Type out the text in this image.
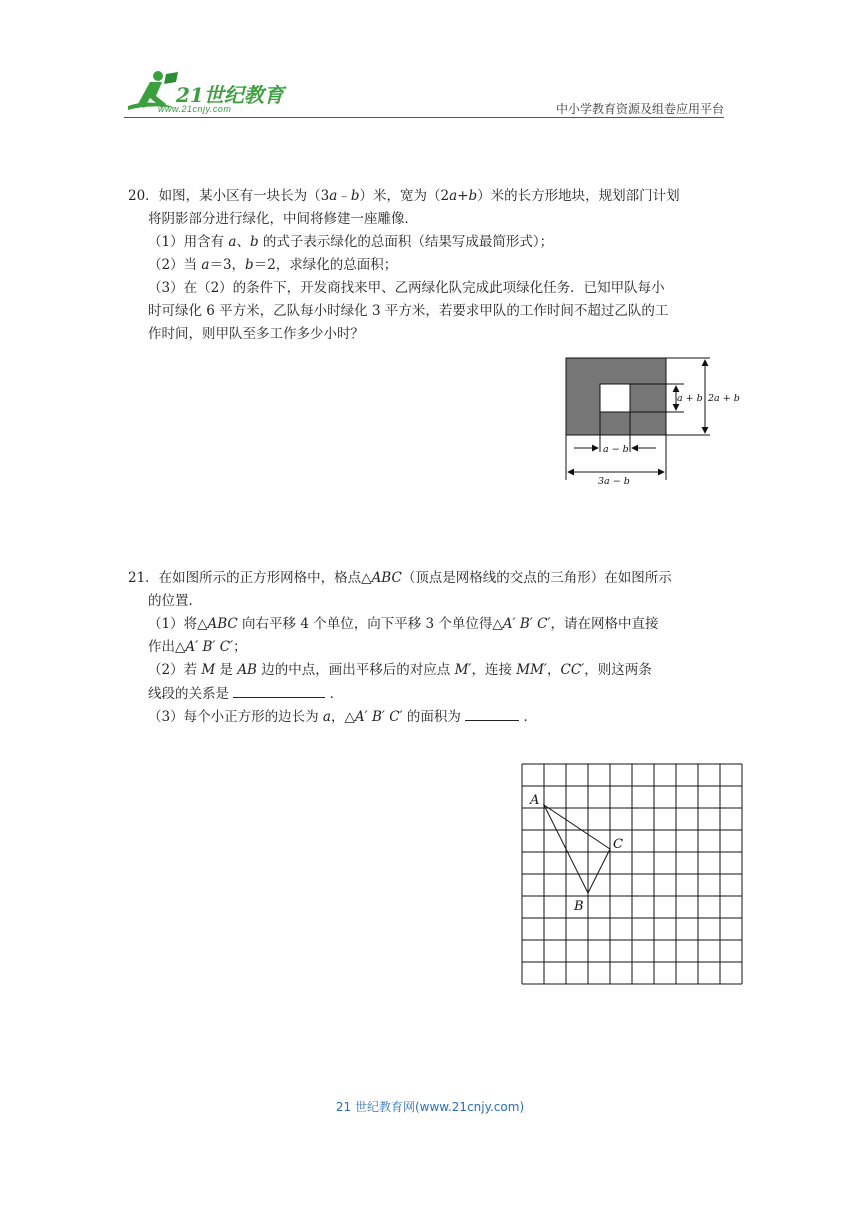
21世纪教育
www.21cnjy.com	中小学教育资源及组卷应用平台
20．如图，某小区有一块长为（3a﹣b）米，宽为（2a+b）米的长方形地块，规划部门计划
将阴影部分进行绿化，中间将修建一座雕像．
（1）用含有 a、b 的式子表示绿化的总面积（结果写成最简形式）；
（2）当 a＝3，b＝2，求绿化的总面积；
（3）在（2）的条件下，开发商找来甲、乙两绿化队完成此项绿化任务．已知甲队每小
时可绿化 6 平方米，乙队每小时绿化 3 平方米，若要求甲队的工作时间不超过乙队的工
作时间，则甲队至多工作多少小时？
a + b 2a + b
a − b
3a − b
21．在如图所示的正方形网格中，格点△ABC（顶点是网格线的交点的三角形）在如图所示
的位置．
（1）将△ABC 向右平移 4 个单位，向下平移 3 个单位得△A′ B′ C′，请在网格中直接
作出△A′ B′ C′；
（2）若 M 是 AB 边的中点，画出平移后的对应点 M′，连接 MM′，CC′，则这两条
线段的关系是	．
（3）每个小正方形的边长为 a，△A′ B′ C′ 的面积为	．
A
C
B
21 世纪教育网(www.21cnjy.com)
